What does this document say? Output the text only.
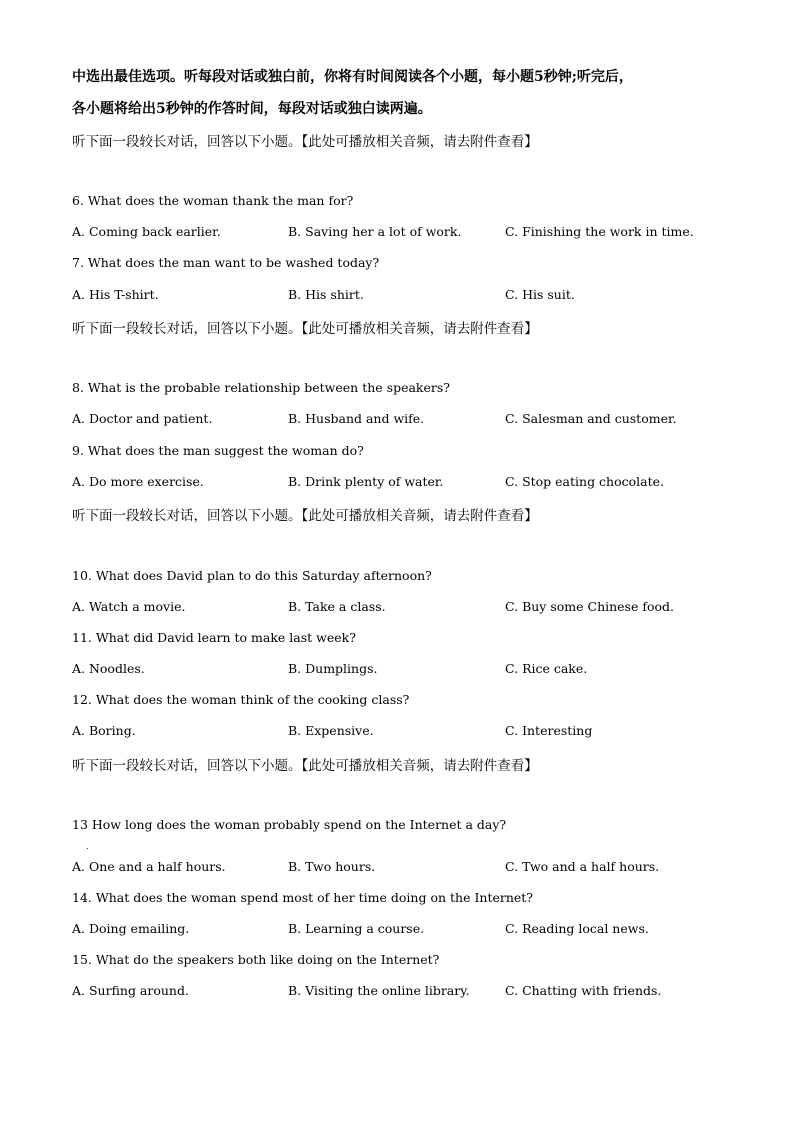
中选出最佳选项。听每段对话或独白前，你将有时间阅读各个小题，每小题5秒钟;听完后，
各小题将给出5秒钟的作答时间，每段对话或独白读两遍。
听下面一段较长对话，回答以下小题。【此处可播放相关音频，请去附件查看】
6. What does the woman thank the man for?
A. Coming back earlier.	B. Saving her a lot of work.	C. Finishing the work in time.
7. What does the man want to be washed today?
A. His T-shirt.	B. His shirt.	C. His suit.
听下面一段较长对话，回答以下小题。【此处可播放相关音频，请去附件查看】
8. What is the probable relationship between the speakers?
A. Doctor and patient.	B. Husband and wife.	C. Salesman and customer.
9. What does the man suggest the woman do?
A. Do more exercise.	B. Drink plenty of water.	C. Stop eating chocolate.
听下面一段较长对话，回答以下小题。【此处可播放相关音频，请去附件查看】
10. What does David plan to do this Saturday afternoon?
A. Watch a movie.	B. Take a class.	C. Buy some Chinese food.
11. What did David learn to make last week?
A. Noodles.	B. Dumplings.	C. Rice cake.
12. What does the woman think of the cooking class?
A. Boring.	B. Expensive.	C. Interesting
听下面一段较长对话，回答以下小题。【此处可播放相关音频，请去附件查看】
13 How long does the woman probably spend on the Internet a day?
.
A. One and a half hours.	B. Two hours.	C. Two and a half hours.
14. What does the woman spend most of her time doing on the Internet?
A. Doing emailing.	B. Learning a course.	C. Reading local news.
15. What do the speakers both like doing on the Internet?
A. Surfing around.	B. Visiting the online library.	C. Chatting with friends.
